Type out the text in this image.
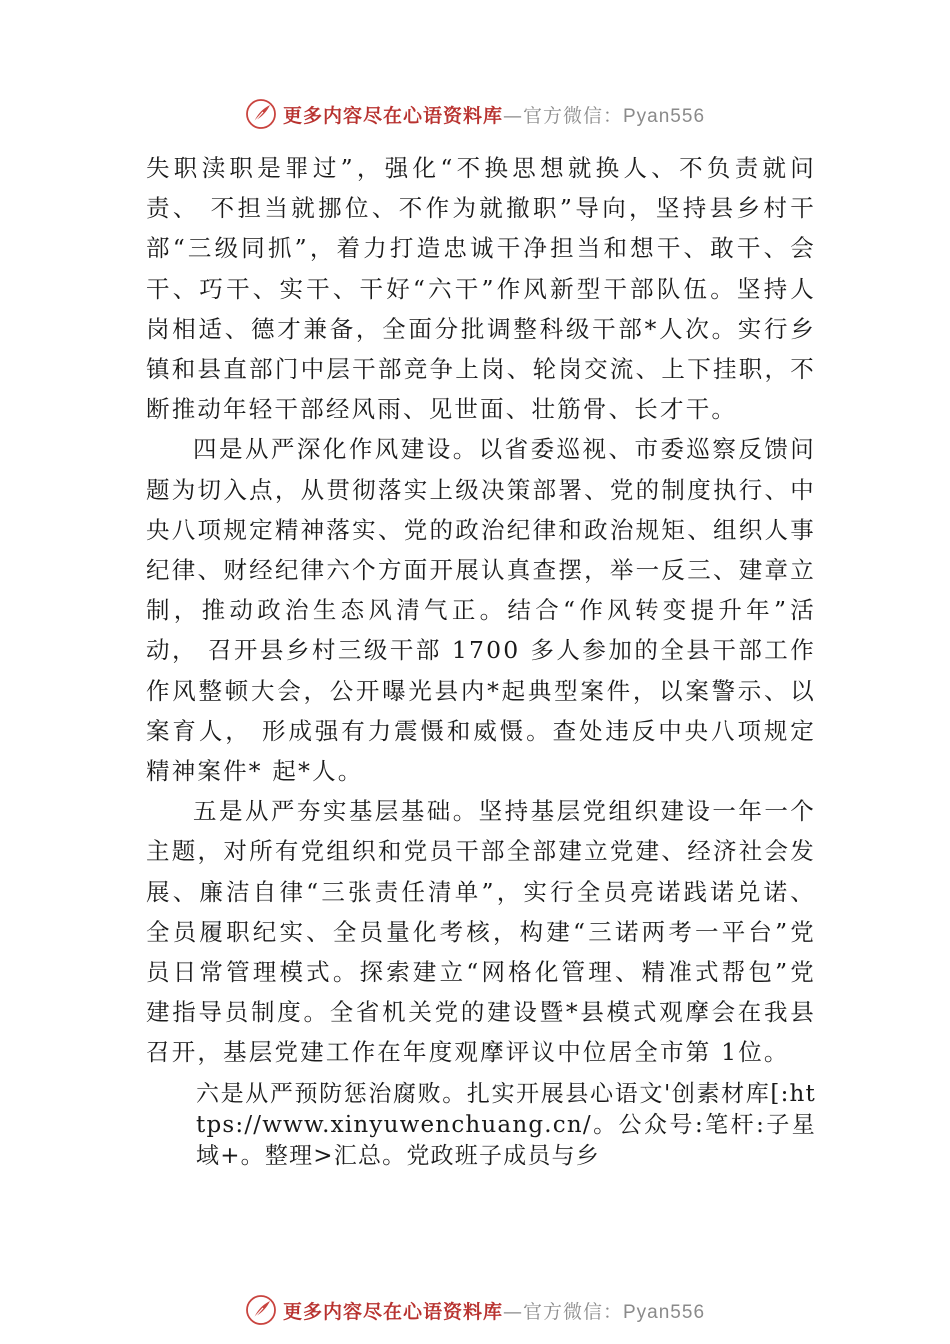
更多内容尽在心语资料库—官方微信：Pyan556

失职渎职是罪过”，强化“不换思想就换人、不负责就问责、 不担当就挪位、不作为就撤职”导向，坚持县乡村干部“三级同抓”，着力打造忠诚干净担当和想干、敢干、会干、巧干、实干、干好“六干”作风新型干部队伍。坚持人岗相适、德才兼备，全面分批调整科级干部*人次。实行乡镇和县直部门中层干部竞争上岗、轮岗交流、上下挂职，不断推动年轻干部经风雨、见世面、壮筋骨、长才干。

四是从严深化作风建设。以省委巡视、市委巡察反馈问题为切入点，从贯彻落实上级决策部署、党的制度执行、中 央八项规定精神落实、党的政治纪律和政治规矩、组织人事纪律、财经纪律六个方面开展认真查摆，举一反三、建章立制，推动政治生态风清气正。结合“作风转变提升年”活动， 召开县乡村三级干部 1700 多人参加的全县干部工作作风整顿大会，公开曝光县内*起典型案件，以案警示、以案育人， 形成强有力震慑和威慑。查处违反中央八项规定精神案件* 起*人。

五是从严夯实基层基础。坚持基层党组织建设一年一个主题，对所有党组织和党员干部全部建立党建、经济社会发展、廉洁自律“三张责任清单”，实行全员亮诺践诺兑诺、全员履职纪实、全员量化考核，构建“三诺两考一平台”党员日常管理模式。探索建立“网格化管理、精准式帮包”党建指导员制度。全省机关党的建设暨*县模式观摩会在我县召开，基层党建工作在年度观摩评议中位居全市第 1位。

六是从严预防惩治腐败。扎实开展县心语文'创素材库[:https://www.xinyuwenchuang.cn/。公众号:笔杆:子星域+。整理>汇总。党政班子成员与乡

更多内容尽在心语资料库—官方微信：Pyan556
